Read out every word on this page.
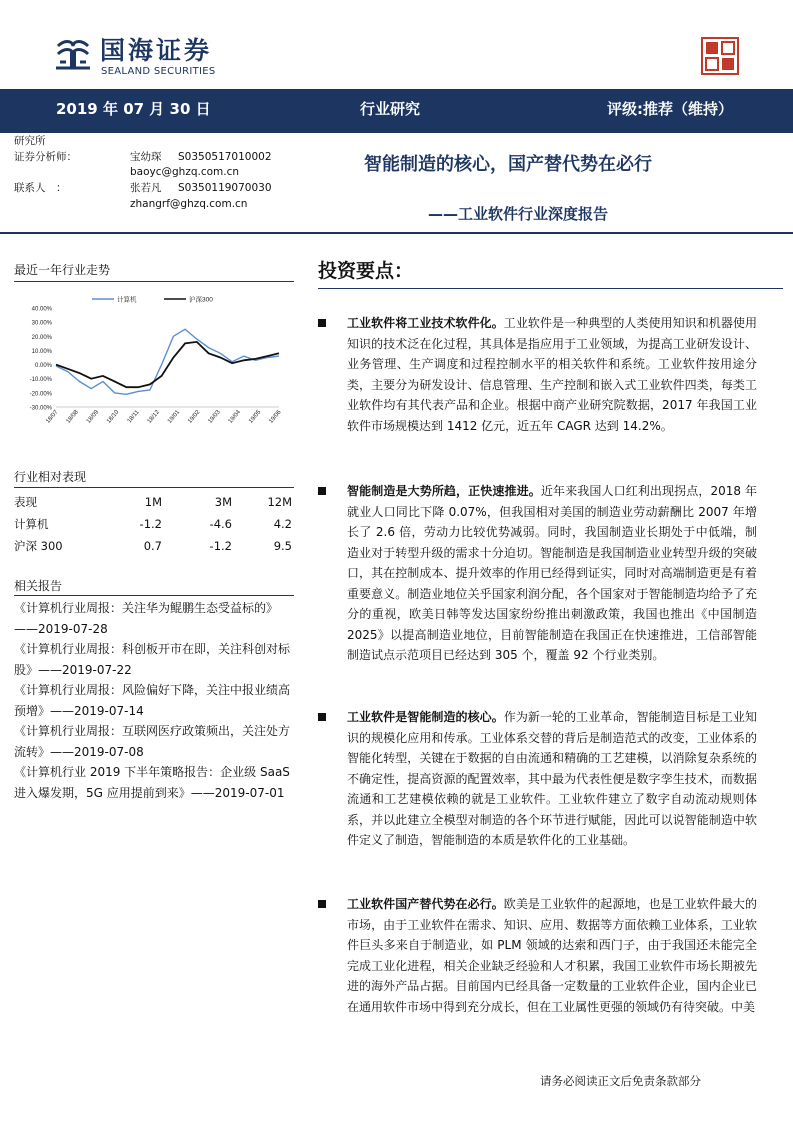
国海证券
SEALAND SECURITIES
2019 年 07 月 30 日	行业研究	评级:推荐（维持）
研究所
证券分析师：	宝幼琛 S0350517010002
baoyc@ghzq.com.cn
联系人　：	张若凡 S0350119070030
zhangrf@ghzq.com.cn
智能制造的核心，国产替代势在必行
——工业软件行业深度报告
最近一年行业走势
40.00%
30.00%
20.00%
10.00%
0.00%
-10.00%
-20.00%
-30.00%
18/07 18/08 18/09 18/10 18/11 18/12 19/01 19/02 19/03 19/04 19/05 19/06
计算机	沪深300
行业相对表现
表现	1M	3M	12M
计算机	-1.2	-4.6	4.2
沪深 300	0.7	-1.2	9.5
相关报告

《计算机行业周报：关注华为鲲鹏生态受益标的》——2019-07-28

《计算机行业周报：科创板开市在即，关注科创对标股》——2019-07-22

《计算机行业周报：风险偏好下降，关注中报业绩高预增》——2019-07-14

《计算机行业周报：互联网医疗政策频出，关注处方流转》——2019-07-08

《计算机行业 2019 下半年策略报告：企业级 SaaS 进入爆发期，5G 应用提前到来》——2019-07-01

投资要点：
工业软件将工业技术软件化。工业软件是一种典型的人类使用知识和机器使用知识的技术泛在化过程，其具体是指应用于工业领域，为提高工业研发设计、业务管理、生产调度和过程控制水平的相关软件和系统。工业软件按用途分类，主要分为研发设计、信息管理、生产控制和嵌入式工业软件四类，每类工业软件均有其代表产品和企业。根据中商产业研究院数据，2017 年我国工业软件市场规模达到 1412 亿元，近五年 CAGR 达到 14.2%。
智能制造是大势所趋，正快速推进。近年来我国人口红利出现拐点，2018 年就业人口同比下降 0.07%，但我国相对美国的制造业劳动薪酬比 2007 年增长了 2.6 倍，劳动力比较优势减弱。同时，我国制造业长期处于中低端，制造业对于转型升级的需求十分迫切。智能制造是我国制造业业转型升级的突破口，其在控制成本、提升效率的作用已经得到证实，同时对高端制造更是有着重要意义。制造业地位关乎国家利润分配，各个国家对于智能制造均给予了充分的重视，欧美日韩等发达国家纷纷推出刺激政策，我国也推出《中国制造 2025》以提高制造业地位，目前智能制造在我国正在快速推进，工信部智能制造试点示范项目已经达到 305 个，覆盖 92 个行业类别。
工业软件是智能制造的核心。作为新一轮的工业革命，智能制造目标是工业知识的规模化应用和传承。工业体系交替的背后是制造范式的改变，工业体系的智能化转型，关键在于数据的自由流通和精确的工艺建模，以消除复杂系统的不确定性，提高资源的配置效率，其中最为代表性便是数字孪生技术，而数据流通和工艺建模依赖的就是工业软件。工业软件建立了数字自动流动规则体系，并以此建立全模型对制造的各个环节进行赋能，因此可以说智能制造中软件定义了制造，智能制造的本质是软件化的工业基础。
工业软件国产替代势在必行。欧美是工业软件的起源地，也是工业软件最大的市场，由于工业软件在需求、知识、应用、数据等方面依赖工业体系，工业软件巨头多来自于制造业，如 PLM 领域的达索和西门子，由于我国还未能完全完成工业化进程，相关企业缺乏经验和人才积累，我国工业软件市场长期被先进的海外产品占据。目前国内已经具备一定数量的工业软件企业，国内企业已在通用软件市场中得到充分成长，但在工业属性更强的领域仍有待突破。中美
请务必阅读正文后免责条款部分
